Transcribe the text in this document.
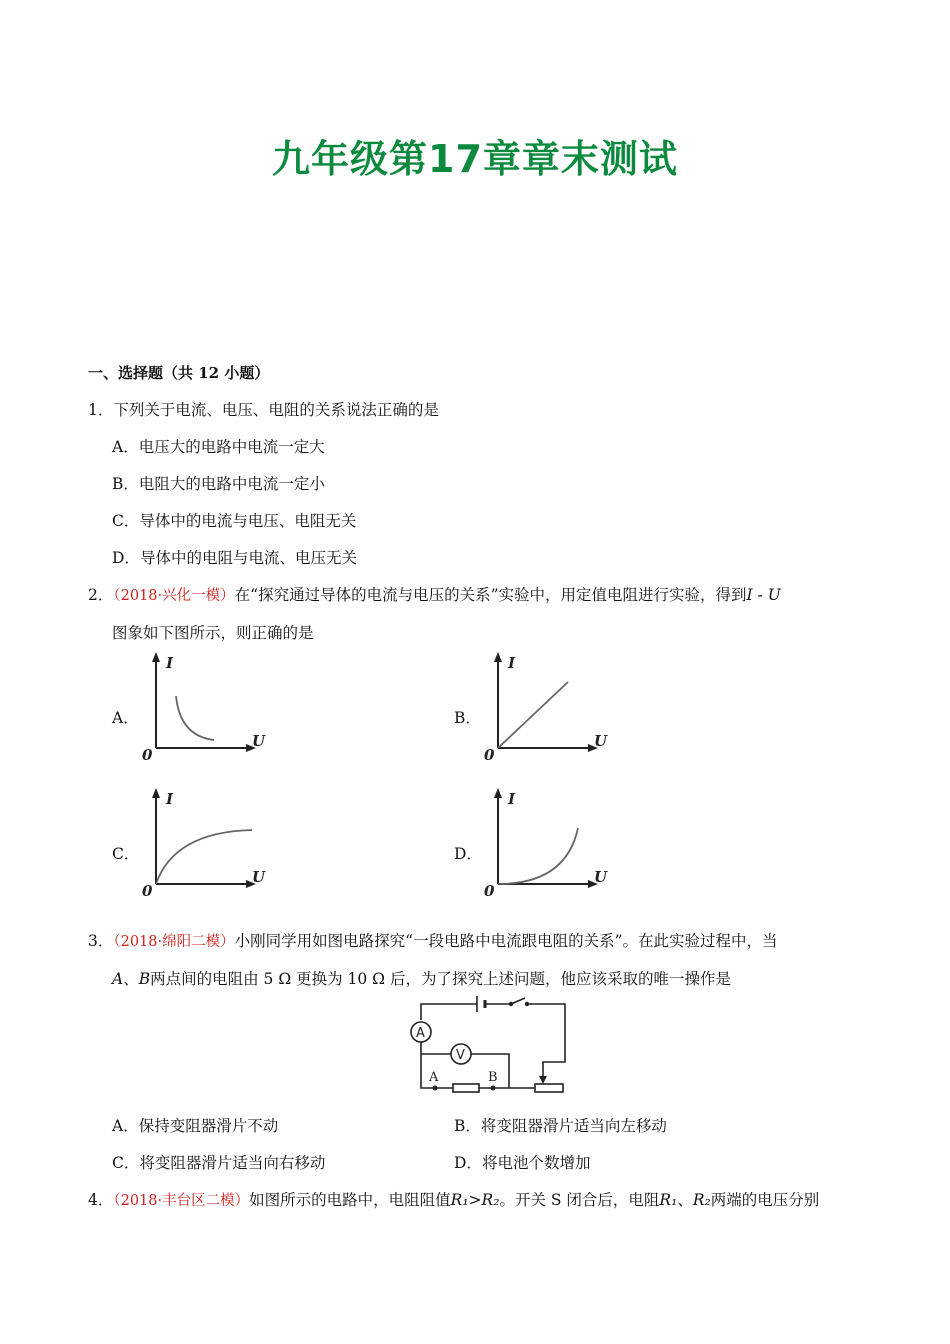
九年级第17章章末测试
一、选择题（共 12 小题）
1．下列关于电流、电压、电阻的关系说法正确的是
A．电压大的电路中电流一定大
B．电阻大的电路中电流一定小
C．导体中的电流与电压、电阻无关
D．导体中的电阻与电流、电压无关
2．（2018·兴化一模）在“探究通过导体的电流与电压的关系”实验中，用定值电阻进行实验，得到I - U
图象如下图所示，则正确的是
A．	B．
C．	D．
I
U
0
I
U
0
I
U
0
I
U
0
3．（2018·绵阳二模）小刚同学用如图电路探究“一段电路中电流跟电阻的关系”。在此实验过程中，当
A、B两点间的电阻由 5 Ω 更换为 10 Ω 后，为了探究上述问题，他应该采取的唯一操作是
A
V
A	B
A．保持变阻器滑片不动	B．将变阻器滑片适当向左移动
C．将变阻器滑片适当向右移动	D．将电池个数增加
4．（2018·丰台区二模）如图所示的电路中，电阻阻值R₁>R₂。开关 S 闭合后，电阻R₁、R₂两端的电压分别
